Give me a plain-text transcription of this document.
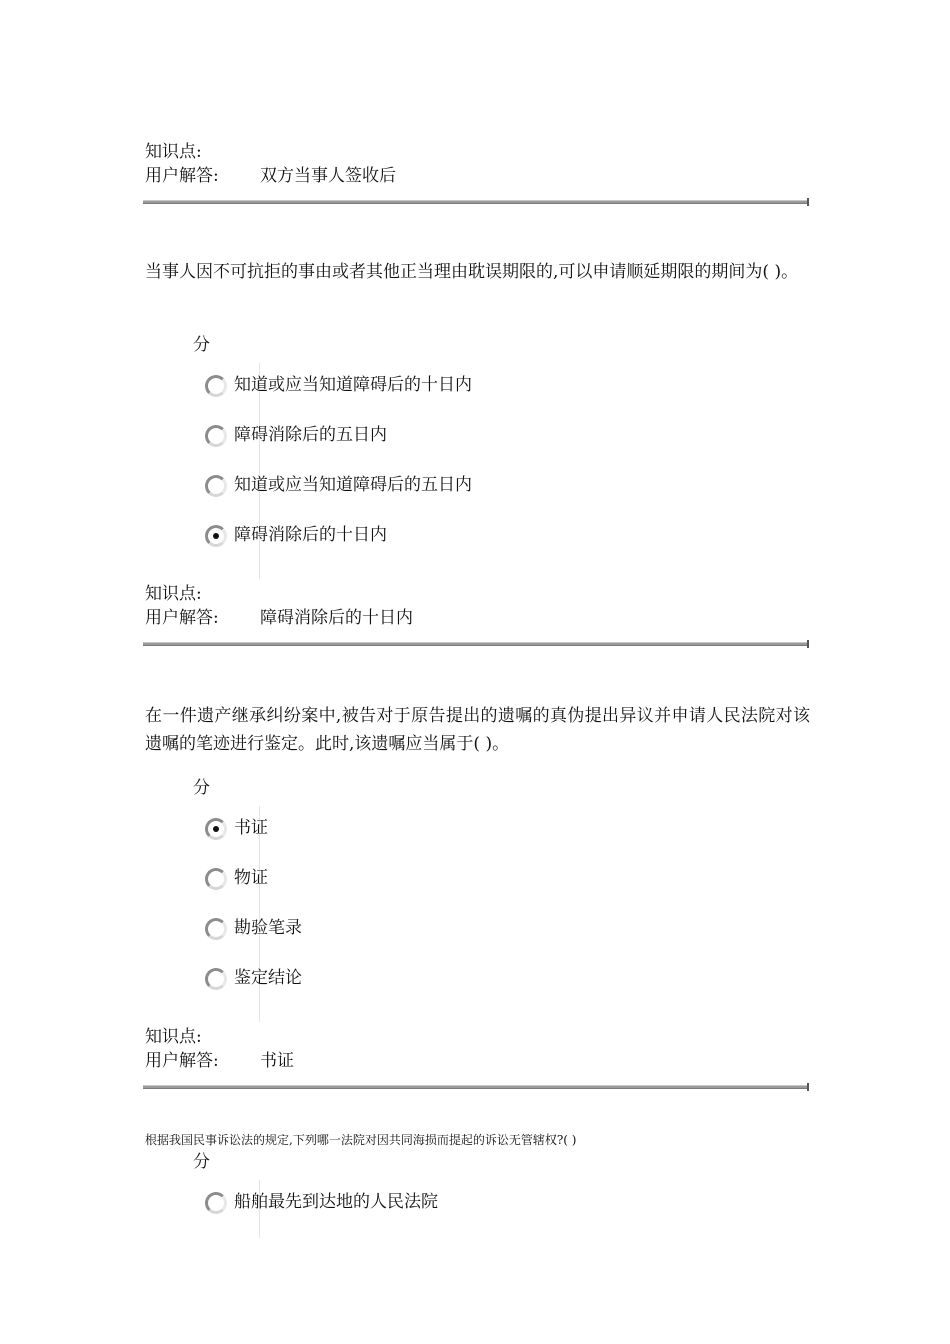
知识点:
用户解答: 双方当事人签收后
当事人因不可抗拒的事由或者其他正当理由耽误期限的,可以申请顺延期限的期间为( )。
分
知道或应当知道障碍后的十日内
障碍消除后的五日内
知道或应当知道障碍后的五日内
障碍消除后的十日内
知识点:
用户解答: 障碍消除后的十日内
在一件遗产继承纠纷案中,被告对于原告提出的遗嘱的真伪提出异议并申请人民法院对该遗嘱的笔迹进行鉴定。此时,该遗嘱应当属于( )。
分
书证
物证
勘验笔录
鉴定结论
知识点:
用户解答: 书证
根据我国民事诉讼法的规定,下列哪一法院对因共同海损而提起的诉讼无管辖权?( )
分
船舶最先到达地的人民法院
